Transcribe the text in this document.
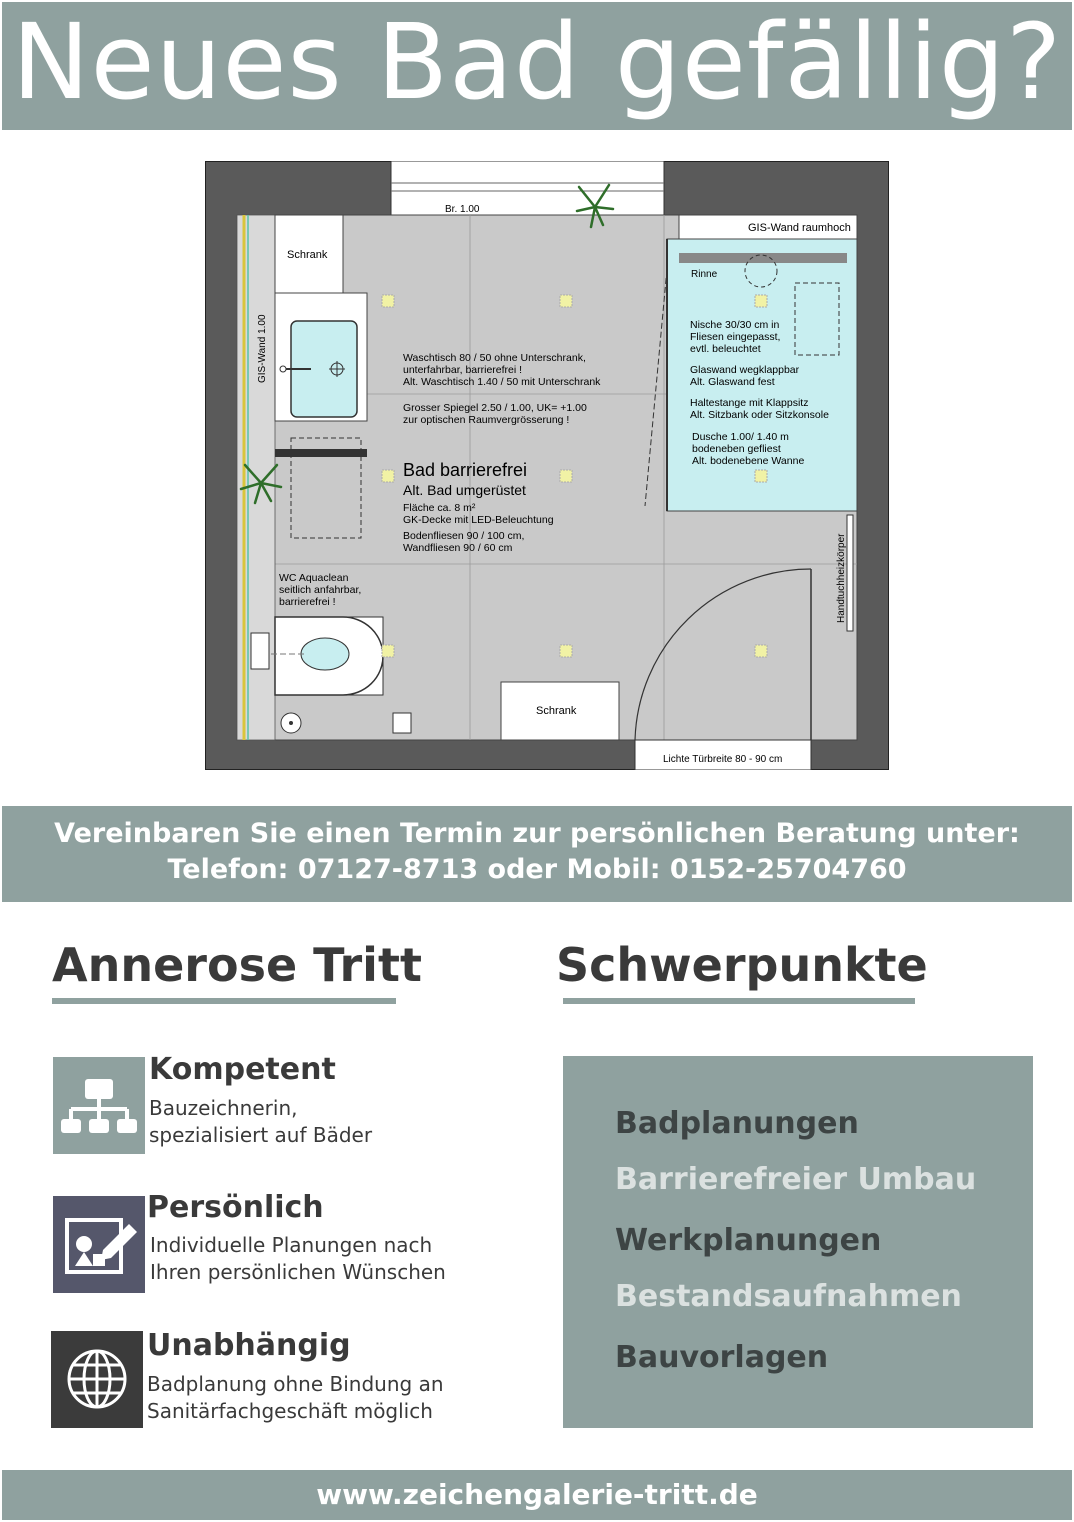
Neues Bad gefällig?
GIS-Wand 1.00
Schrank
Schrank
Lichte Türbreite 80 - 90 cm
GIS-Wand raumhoch
Rinne
Handtuchheizkörper
Br. 1.00
Waschtisch 80 / 50 ohne Unterschrank,
unterfahrbar, barrierefrei !
Alt. Waschtisch 1.40 / 50 mit Unterschrank
Grosser Spiegel 2.50 / 1.00, UK= +1.00
zur optischen Raumvergrösserung !
Bad barrierefrei
Alt. Bad umgerüstet
Fläche ca. 8 m²
GK-Decke mit LED-Beleuchtung
Bodenfliesen 90 / 100 cm,
Wandfliesen 90 / 60 cm
Nische 30/30 cm in
Fliesen eingepasst,
evtl. beleuchtet
Glaswand wegklappbar
Alt. Glaswand fest
Haltestange mit Klappsitz
Alt. Sitzbank oder Sitzkonsole
Dusche 1.00/ 1.40 m
bodeneben gefliest
Alt. bodenebene Wanne
WC Aquaclean
seitlich anfahrbar,
barrierefrei !
Vereinbaren Sie einen Termin zur persönlichen Beratung unter:
Telefon: 07127-8713 oder Mobil: 0152-25704760
Annerose Tritt
Kompetent
Bauzeichnerin,
spezialisiert auf Bäder
Persönlich
Individuelle Planungen nach
Ihren persönlichen Wünschen
Unabhängig
Badplanung ohne Bindung an
Sanitärfachgeschäft möglich
Schwerpunkte
Badplanungen
Barrierefreier Umbau
Werkplanungen
Bestandsaufnahmen
Bauvorlagen
www.zeichengalerie-tritt.de
